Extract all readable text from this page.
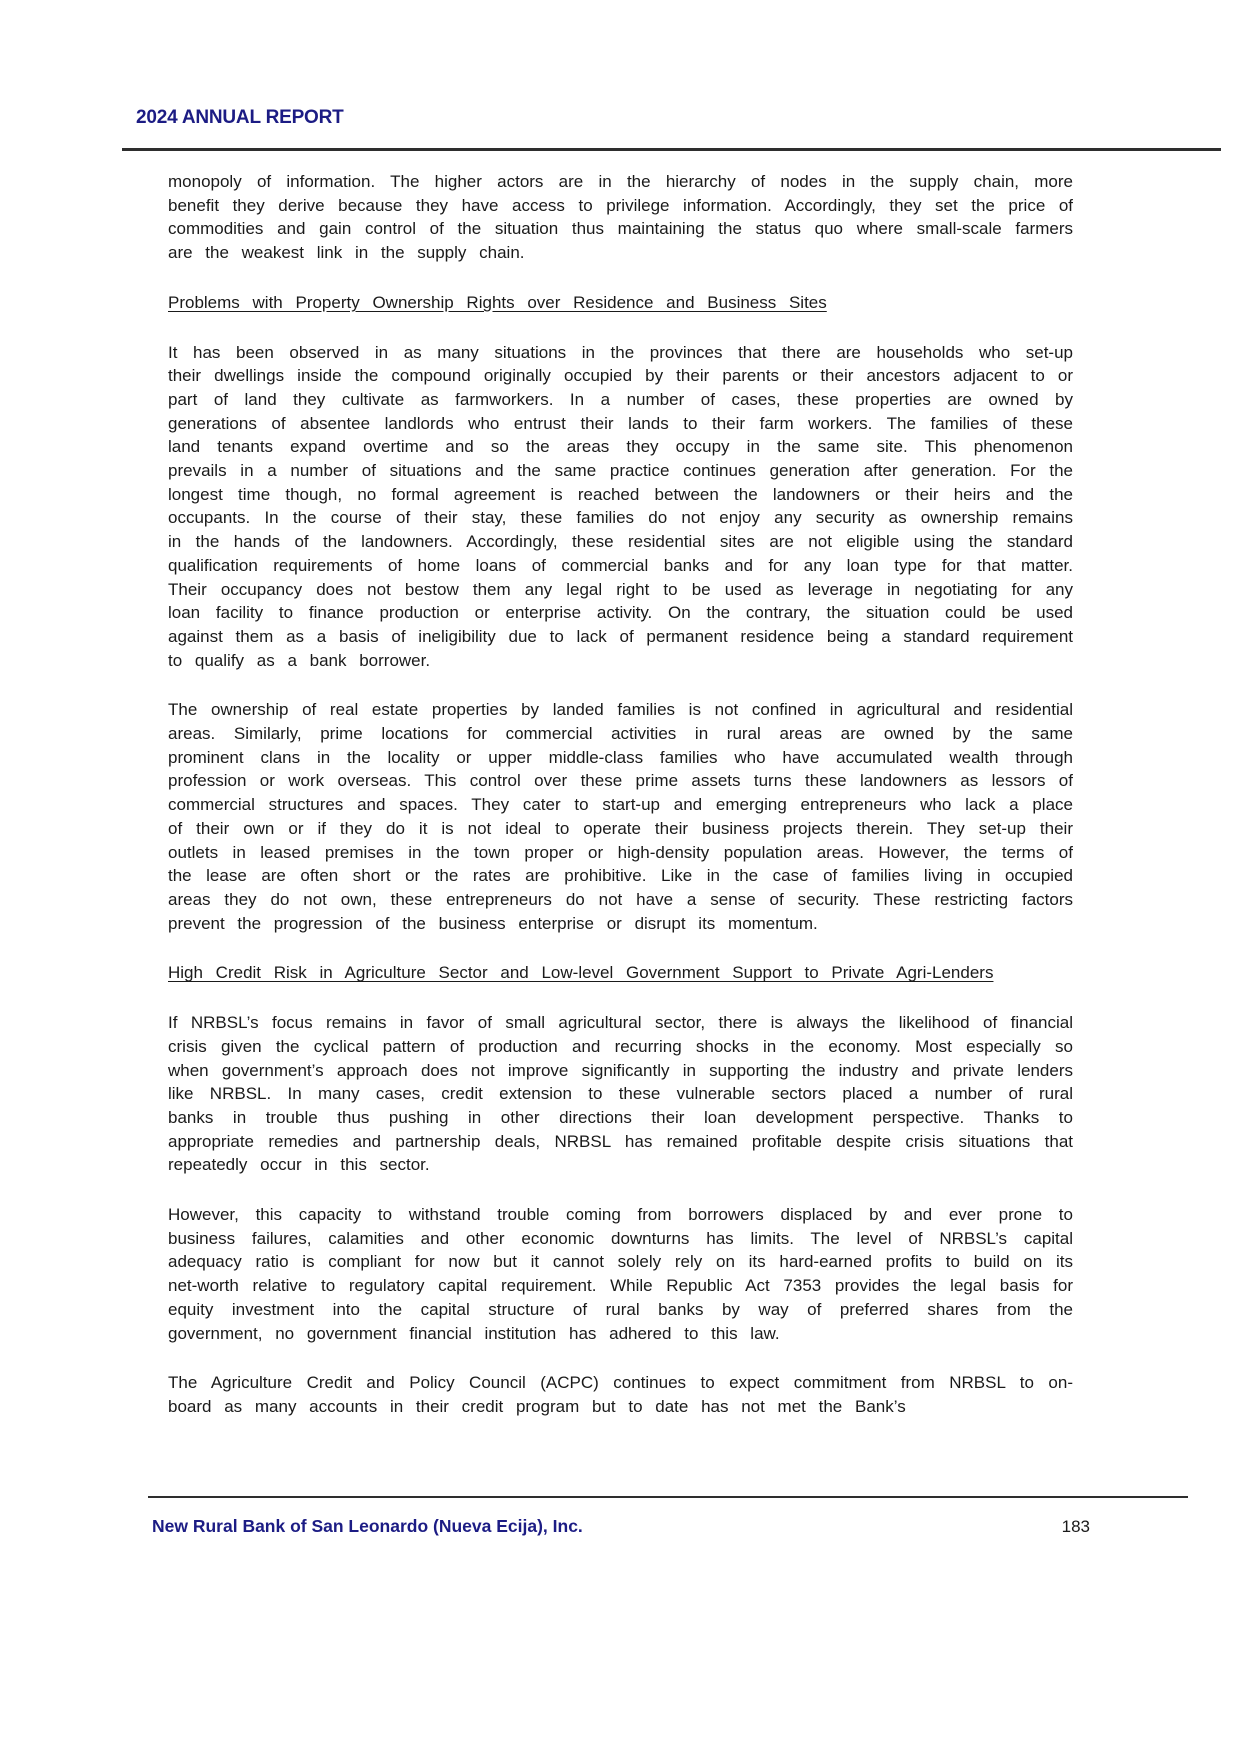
2024 ANNUAL REPORT

monopoly of information. The higher actors are in the hierarchy of nodes in the supply chain, more benefit they derive because they have access to privilege information. Accordingly, they set the price of commodities and gain control of the situation thus maintaining the status quo where small-scale farmers are the weakest link in the supply chain.

Problems with Property Ownership Rights over Residence and Business Sites

It has been observed in as many situations in the provinces that there are households who set-up their dwellings inside the compound originally occupied by their parents or their ancestors adjacent to or part of land they cultivate as farmworkers. In a number of cases, these properties are owned by generations of absentee landlords who entrust their lands to their farm workers. The families of these land tenants expand overtime and so the areas they occupy in the same site. This phenomenon prevails in a number of situations and the same practice continues generation after generation. For the longest time though, no formal agreement is reached between the landowners or their heirs and the occupants. In the course of their stay, these families do not enjoy any security as ownership remains in the hands of the landowners. Accordingly, these residential sites are not eligible using the standard qualification requirements of home loans of commercial banks and for any loan type for that matter. Their occupancy does not bestow them any legal right to be used as leverage in negotiating for any loan facility to finance production or enterprise activity. On the contrary, the situation could be used against them as a basis of ineligibility due to lack of permanent residence being a standard requirement to qualify as a bank borrower.

The ownership of real estate properties by landed families is not confined in agricultural and residential areas. Similarly, prime locations for commercial activities in rural areas are owned by the same prominent clans in the locality or upper middle-class families who have accumulated wealth through profession or work overseas. This control over these prime assets turns these landowners as lessors of commercial structures and spaces. They cater to start-up and emerging entrepreneurs who lack a place of their own or if they do it is not ideal to operate their business projects therein. They set-up their outlets in leased premises in the town proper or high-density population areas. However, the terms of the lease are often short or the rates are prohibitive. Like in the case of families living in occupied areas they do not own, these entrepreneurs do not have a sense of security. These restricting factors prevent the progression of the business enterprise or disrupt its momentum.

High Credit Risk in Agriculture Sector and Low-level Government Support to Private Agri-Lenders

If NRBSL’s focus remains in favor of small agricultural sector, there is always the likelihood of financial crisis given the cyclical pattern of production and recurring shocks in the economy. Most especially so when government’s approach does not improve significantly in supporting the industry and private lenders like NRBSL. In many cases, credit extension to these vulnerable sectors placed a number of rural banks in trouble thus pushing in other directions their loan development perspective. Thanks to appropriate remedies and partnership deals, NRBSL has remained profitable despite crisis situations that repeatedly occur in this sector.

However, this capacity to withstand trouble coming from borrowers displaced by and ever prone to business failures, calamities and other economic downturns has limits. The level of NRBSL’s capital adequacy ratio is compliant for now but it cannot solely rely on its hard-earned profits to build on its net-worth relative to regulatory capital requirement. While Republic Act 7353 provides the legal basis for equity investment into the capital structure of rural banks by way of preferred shares from the government, no government financial institution has adhered to this law.

The Agriculture Credit and Policy Council (ACPC) continues to expect commitment from NRBSL to on-board as many accounts in their credit program but to date has not met the Bank’s

New Rural Bank of San Leonardo (Nueva Ecija), Inc.	183
